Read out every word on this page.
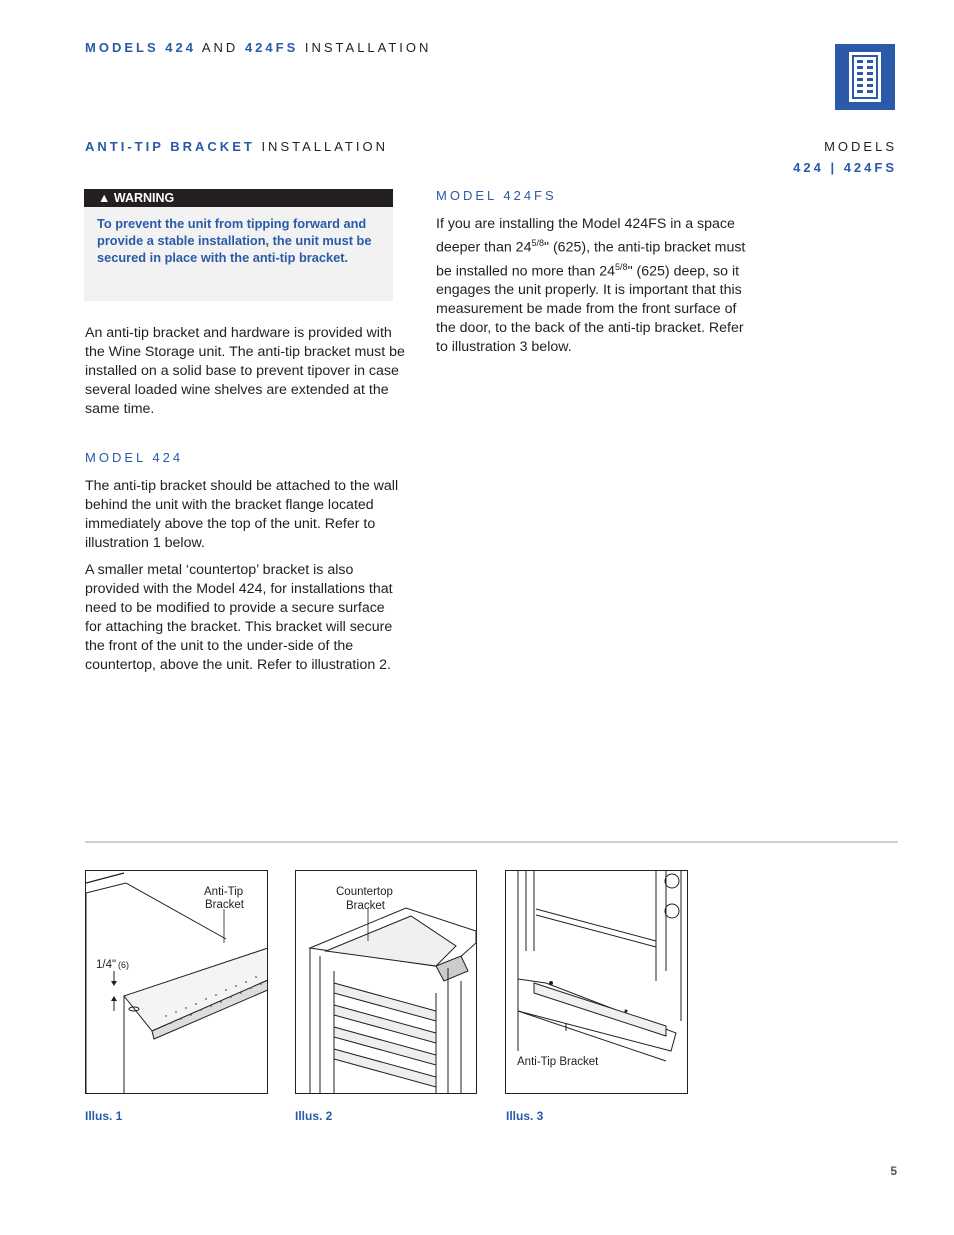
MODELS 424 AND 424FS INSTALLATION
ANTI-TIP BRACKET INSTALLATION	MODELS
424 | 424FS
▲ WARNING
To prevent the unit from tipping forward and provide a stable installation, the unit must be secured in place with the anti-tip bracket.
An anti-tip bracket and hardware is provided with the Wine Storage unit. The anti-tip bracket must be installed on a solid base to prevent tipover in case several loaded wine shelves are extended at the same time.
MODEL 424
The anti-tip bracket should be attached to the wall behind the unit with the bracket flange located immediately above the top of the unit. Refer to illustration 1 below.
A smaller metal ‘countertop’ bracket is also provided with the Model 424, for installations that need to be modified to provide a secure surface for attaching the bracket. This bracket will secure the front of the unit to the under-side of the countertop, above the unit. Refer to illustration 2.
MODEL 424FS
If you are installing the Model 424FS in a space deeper than $24^{5/8}$" (625), the anti-tip bracket must be installed no more than $24^{5/8}$" (625) deep, so it engages the unit properly. It is important that this measurement be made from the front surface of the door, to the back of the anti-tip bracket. Refer to illustration 3 below.
Anti-Tip
Bracket
1/4" (6)
Countertop
Bracket
Anti-Tip Bracket
Illus. 1	Illus. 2	Illus. 3
5
